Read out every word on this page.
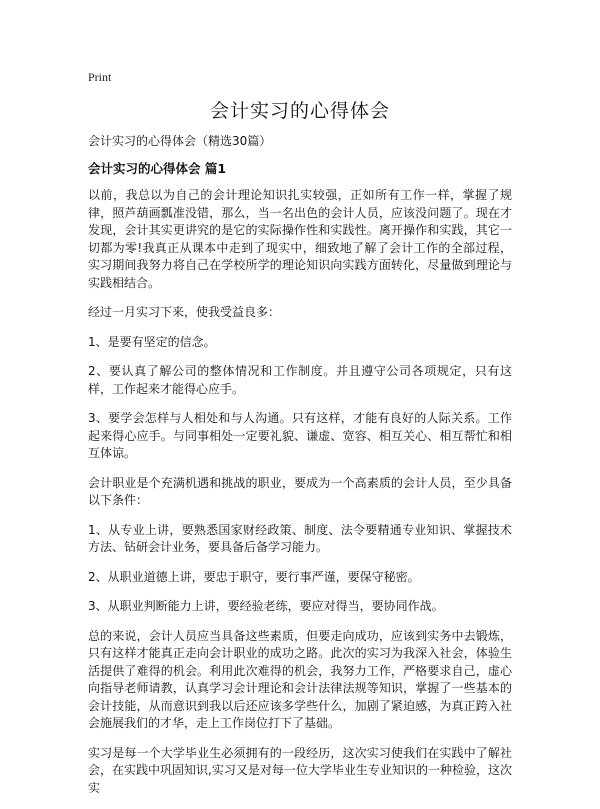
Print
会计实习的心得体会

会计实习的心得体会（精选30篇）

会计实习的心得体会 篇1

以前，我总以为自己的会计理论知识扎实较强，正如所有工作一样，掌握了规律，照芦葫画瓢准没错，那么，当一名出色的会计人员，应该没问题了。现在才发现，会计其实更讲究的是它的实际操作性和实践性。离开操作和实践，其它一切都为零!我真正从课本中走到了现实中，细致地了解了会计工作的全部过程，实习期间我努力将自己在学校所学的理论知识向实践方面转化，尽量做到理论与实践相结合。

经过一月实习下来，使我受益良多：

1、是要有坚定的信念。

2、要认真了解公司的整体情况和工作制度。并且遵守公司各项规定，只有这样，工作起来才能得心应手。

3、要学会怎样与人相处和与人沟通。只有这样，才能有良好的人际关系。工作起来得心应手。与同事相处一定要礼貌、谦虚、宽容、相互关心、相互帮忙和相互体谅。

会计职业是个充满机遇和挑战的职业，要成为一个高素质的会计人员，至少具备以下条件：

1、从专业上讲，要熟悉国家财经政策、制度、法令要精通专业知识、掌握技术方法、钻研会计业务，要具备后备学习能力。

2、从职业道德上讲，要忠于职守，要行事严谨，要保守秘密。

3、从职业判断能力上讲，要经验老练，要应对得当，要协同作战。

总的来说，会计人员应当具备这些素质，但要走向成功，应该到实务中去锻炼，只有这样才能真正走向会计职业的成功之路。此次的实习为我深入社会，体验生活提供了难得的机会。利用此次难得的机会，我努力工作，严格要求自己，虚心向指导老师请教，认真学习会计理论和会计法律法规等知识，掌握了一些基本的会计技能，从而意识到我以后还应该多学些什么，加剧了紧迫感，为真正跨入社会施展我们的才华，走上工作岗位打下了基础。

实习是每一个大学毕业生必须拥有的一段经历，这次实习使我们在实践中了解社会，在实践中巩固知识,实习又是对每一位大学毕业生专业知识的一种检验，这次实
